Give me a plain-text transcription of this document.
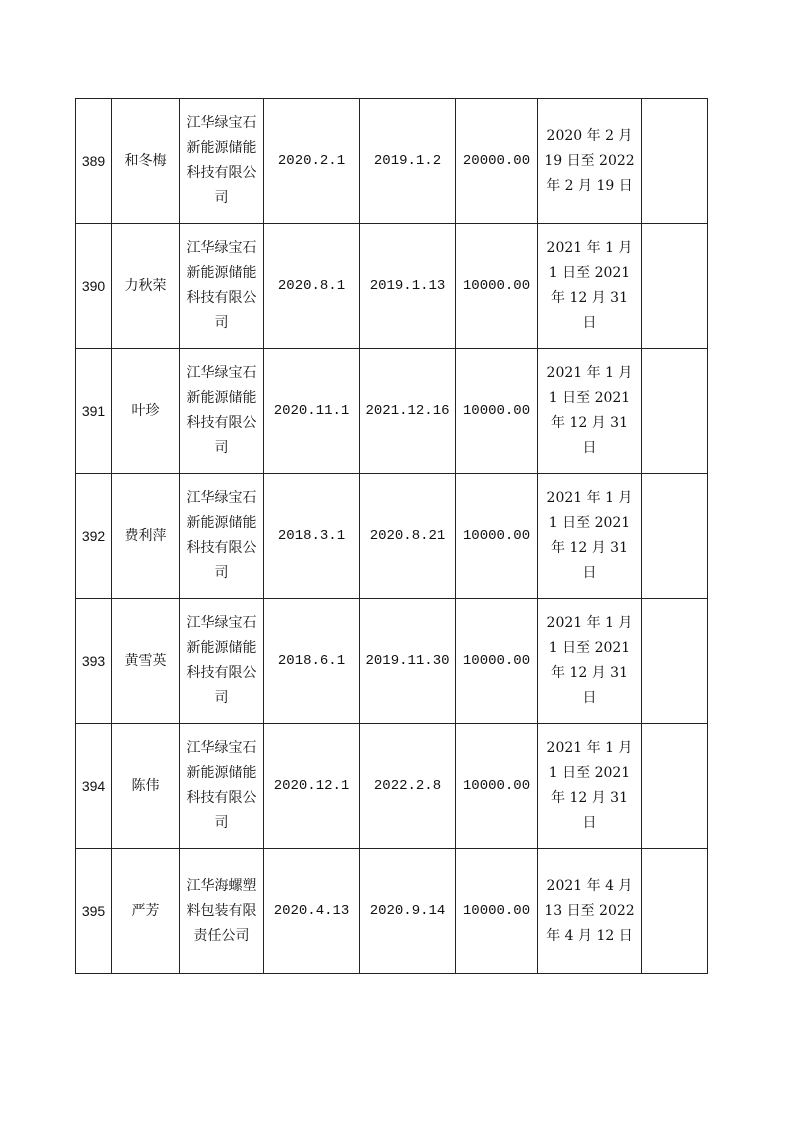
389	和冬梅	江华绿宝石新能源储能科技有限公司	2020.2.1	2019.1.2	20000.00	2020 年 2 月 19 日至 2022 年 2 月 19 日	

390	力秋荣	江华绿宝石新能源储能科技有限公司	2020.8.1	2019.1.13	10000.00	2021 年 1 月 1 日至 2021 年 12 月 31 日	

391	叶珍	江华绿宝石新能源储能科技有限公司	2020.11.1	2021.12.16	10000.00	2021 年 1 月 1 日至 2021 年 12 月 31 日	

392	费利萍	江华绿宝石新能源储能科技有限公司	2018.3.1	2020.8.21	10000.00	2021 年 1 月 1 日至 2021 年 12 月 31 日	

393	黄雪英	江华绿宝石新能源储能科技有限公司	2018.6.1	2019.11.30	10000.00	2021 年 1 月 1 日至 2021 年 12 月 31 日	

394	陈伟	江华绿宝石新能源储能科技有限公司	2020.12.1	2022.2.8	10000.00	2021 年 1 月 1 日至 2021 年 12 月 31 日	

395	严芳	江华海螺塑料包装有限责任公司	2020.4.13	2020.9.14	10000.00	2021 年 4 月 13 日至 2022 年 4 月 12 日	
